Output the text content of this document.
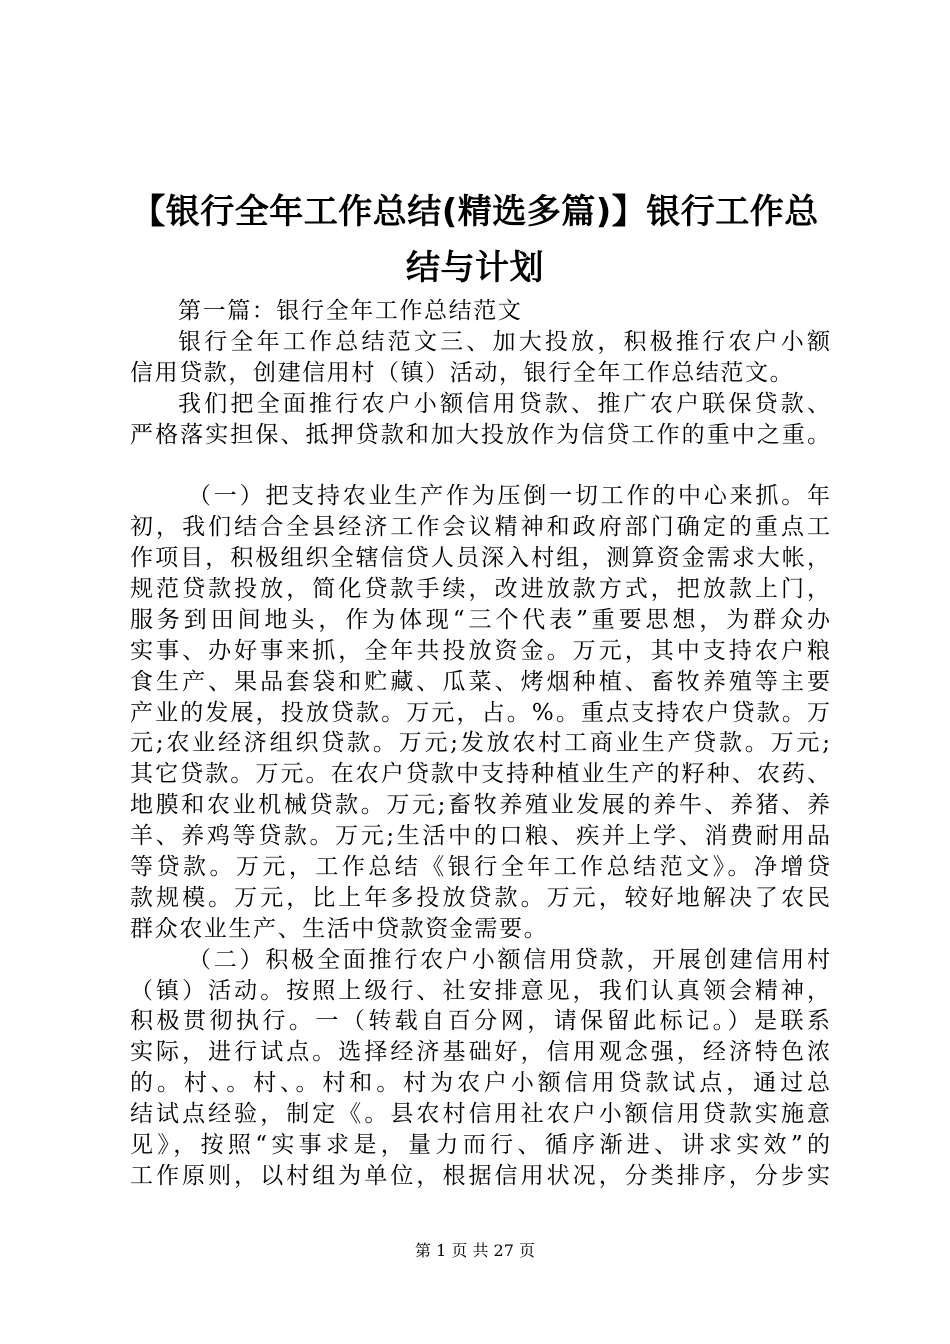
【银行全年工作总结(精选多篇)】银行工作总
结与计划
第一篇：银行全年工作总结范文
银行全年工作总结范文三、加大投放，积极推行农户小额
信用贷款，创建信用村（镇）活动，银行全年工作总结范文。
我们把全面推行农户小额信用贷款、推广农户联保贷款、
严格落实担保、抵押贷款和加大投放作为信贷工作的重中之重。
（一）把支持农业生产作为压倒一切工作的中心来抓。年
初，我们结合全县经济工作会议精神和政府部门确定的重点工
作项目，积极组织全辖信贷人员深入村组，测算资金需求大帐，
规范贷款投放，简化贷款手续，改进放款方式，把放款上门，
服务到田间地头，作为体现“三个代表”重要思想，为群众办
实事、办好事来抓，全年共投放资金。万元，其中支持农户粮
食生产、果品套袋和贮藏、瓜菜、烤烟种植、畜牧养殖等主要
产业的发展，投放贷款。万元，占。%。重点支持农户贷款。万
元;农业经济组织贷款。万元;发放农村工商业生产贷款。万元;
其它贷款。万元。在农户贷款中支持种植业生产的籽种、农药、
地膜和农业机械贷款。万元;畜牧养殖业发展的养牛、养猪、养
羊、养鸡等贷款。万元;生活中的口粮、疾并上学、消费耐用品
等贷款。万元，工作总结《银行全年工作总结范文》。净增贷
款规模。万元，比上年多投放贷款。万元，较好地解决了农民
群众农业生产、生活中贷款资金需要。
（二）积极全面推行农户小额信用贷款，开展创建信用村
（镇）活动。按照上级行、社安排意见，我们认真领会精神，
积极贯彻执行。一（转载自百分网，请保留此标记。）是联系
实际，进行试点。选择经济基础好，信用观念强，经济特色浓
的。村、。村、。村和。村为农户小额信用贷款试点，通过总
结试点经验，制定《。县农村信用社农户小额信用贷款实施意
见》，按照“实事求是，量力而行、循序渐进、讲求实效”的
工作原则，以村组为单位，根据信用状况，分类排序，分步实
第 1 页 共 27 页
